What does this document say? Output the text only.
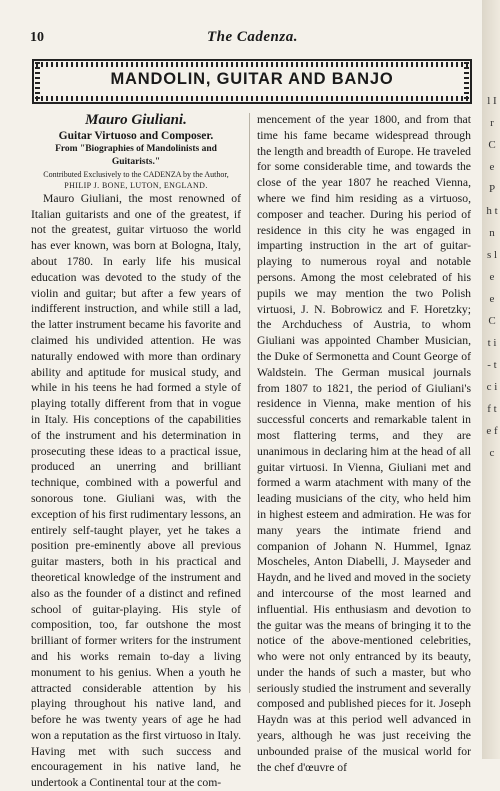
10	The Cadenza.
MANDOLIN, GUITAR AND BANJO

Mauro Giuliani.

Guitar Virtuoso and Composer.

From "Biographies of Mandolinists and Guitarists."

Contributed Exclusively to the CADENZA by the Author,

PHILIP J. BONE, LUTON, ENGLAND.

Mauro Giuliani, the most renowned of Italian guitarists and one of the greatest, if not the greatest, guitar virtuoso the world has ever known, was born at Bologna, Italy, about 1780. In early life his musical education was devoted to the study of the violin and guitar; but after a few years of indifferent instruction, and while still a lad, the latter instrument became his favorite and claimed his undivided attention. He was naturally endowed with more than ordinary ability and aptitude for musical study, and while in his teens he had formed a style of playing totally different from that in vogue in Italy. His conceptions of the capabilities of the instrument and his determination in prosecuting these ideas to a practical issue, produced an unerring and brilliant technique, combined with a powerful and sonorous tone. Giuliani was, with the exception of his first rudimentary lessons, an entirely self-taught player, yet he takes a position pre-eminently above all previous guitar masters, both in his practical and theoretical knowledge of the instrument and also as the founder of a distinct and refined school of guitar-playing. His style of composition, too, far outshone the most brilliant of former writers for the instrument and his works remain to-day a living monument to his genius. When a youth he attracted considerable attention by his playing throughout his native land, and before he was twenty years of age he had won a reputation as the first virtuoso in Italy. Having met with such success and encouragement in his native land, he undertook a Continental tour at the com-

mencement of the year 1800, and from that time his fame became widespread through the length and breadth of Europe. He traveled for some considerable time, and towards the close of the year 1807 he reached Vienna, where we find him residing as a virtuoso, composer and teacher. During his period of residence in this city he was engaged in imparting instruction in the art of guitar-playing to numerous royal and notable persons. Among the most celebrated of his pupils we may mention the two Polish virtuosi, J. N. Bobrowicz and F. Horetzky; the Archduchess of Austria, to whom Giuliani was appointed Chamber Musician, the Duke of Sermonetta and Count George of Waldstein. The German musical journals from 1807 to 1821, the period of Giuliani's residence in Vienna, make mention of his successful concerts and remarkable talent in most flattering terms, and they are unanimous in declaring him at the head of all guitar virtuosi. In Vienna, Giuliani met and formed a warm atachment with many of the leading musicians of the city, who held him in highest esteem and admiration. He was for many years the intimate friend and companion of Johann N. Hummel, Ignaz Moscheles, Anton Diabelli, J. Mayseder and Haydn, and he lived and moved in the society and intercourse of the most learned and influential. His enthusiasm and devotion to the guitar was the means of bringing it to the notice of the above-mentioned celebrities, who were not only entranced by its beauty, under the hands of such a master, but who seriously studied the instrument and severally composed and published pieces for it. Joseph Haydn was at this period well advanced in years, although he was just receiving the unbounded praise of the musical world for the chef d'œuvre of

l I r C e P h t n s l e e C t i - t c i f t e f c
